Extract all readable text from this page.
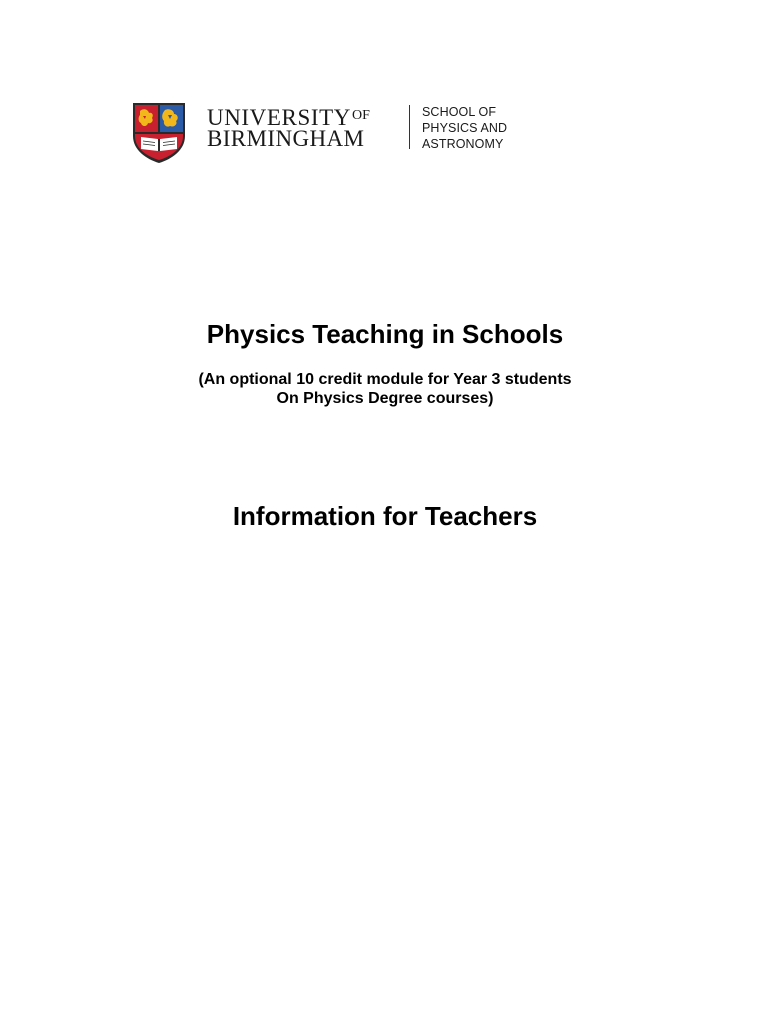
$UNIVERSITY^{OF}$
BIRMINGHAM
SCHOOL OF
PHYSICS AND
ASTRONOMY
Physics Teaching in Schools
(An optional 10 credit module for Year 3 students
On Physics Degree courses)
Information for Teachers
